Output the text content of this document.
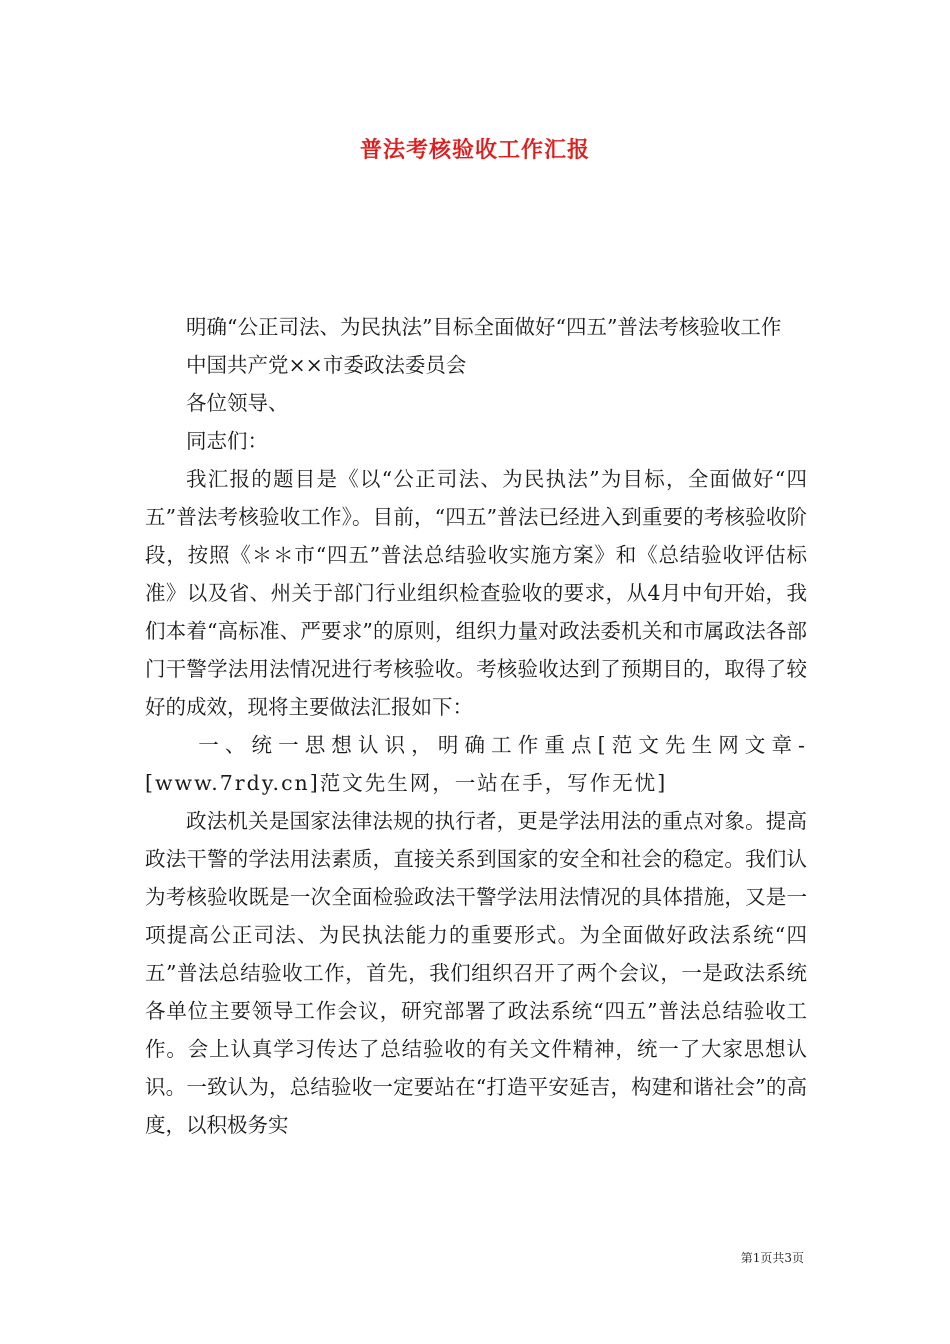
普法考核验收工作汇报

明确“公正司法、为民执法”目标全面做好“四五”普法考核验收工作

中国共产党××市委政法委员会

各位领导、

同志们：

我汇报的题目是《以“公正司法、为民执法”为目标，全面做好“四五”普法考核验收工作》。目前，“四五”普法已经进入到重要的考核验收阶段，按照《＊＊市“四五”普法总结验收实施方案》和《总结验收评估标准》以及省、州关于部门行业组织检查验收的要求，从4月中旬开始，我们本着“高标准、严要求”的原则，组织力量对政法委机关和市属政法各部门干警学法用法情况进行考核验收。考核验收达到了预期目的，取得了较好的成效，现将主要做法汇报如下：

一、统一思想认识，明确工作重点[范文先生网文章-[www.7rdy.cn]范文先生网，一站在手，写作无忧]

政法机关是国家法律法规的执行者，更是学法用法的重点对象。提高政法干警的学法用法素质，直接关系到国家的安全和社会的稳定。我们认为考核验收既是一次全面检验政法干警学法用法情况的具体措施，又是一项提高公正司法、为民执法能力的重要形式。为全面做好政法系统“四五”普法总结验收工作，首先，我们组织召开了两个会议，一是政法系统各单位主要领导工作会议，研究部署了政法系统“四五”普法总结验收工作。会上认真学习传达了总结验收的有关文件精神，统一了大家思想认识。一致认为，总结验收一定要站在“打造平安延吉，构建和谐社会”的高度，以积极务实

第1页共3页
